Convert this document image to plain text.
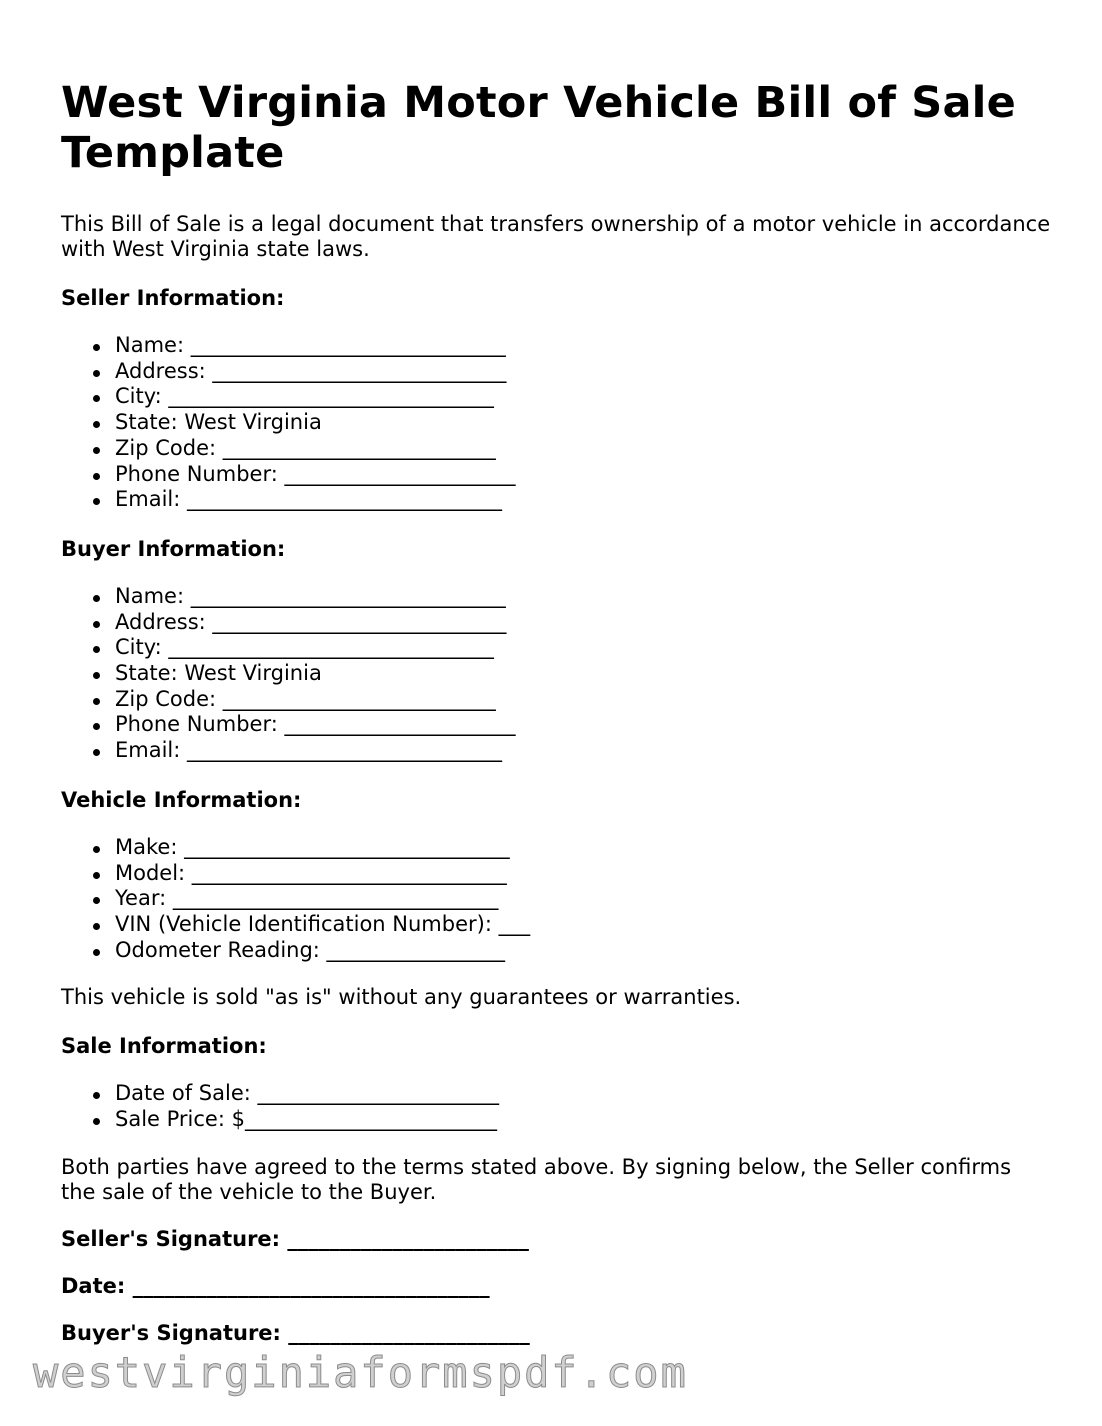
West Virginia Motor Vehicle Bill of Sale Template

This Bill of Sale is a legal document that transfers ownership of a motor vehicle in accordance with West Virginia state laws.

Seller Information:
Name: ______________________________
Address: ____________________________
City: _______________________________
State: West Virginia
Zip Code: __________________________
Phone Number: ______________________
Email: ______________________________
Buyer Information:
Name: ______________________________
Address: ____________________________
City: _______________________________
State: West Virginia
Zip Code: __________________________
Phone Number: ______________________
Email: ______________________________
Vehicle Information:
Make: _______________________________
Model: ______________________________
Year: _______________________________
VIN (Vehicle Identification Number): ___
Odometer Reading: _________________

This vehicle is sold "as is" without any guarantees or warranties.

Sale Information:
Date of Sale: _______________________
Sale Price: $________________________

Both parties have agreed to the terms stated above. By signing below, the Seller confirms the sale of the vehicle to the Buyer.

Seller's Signature: _______________________
Date: __________________________________
Buyer's Signature: _______________________
westvirginiaformspdf.com
